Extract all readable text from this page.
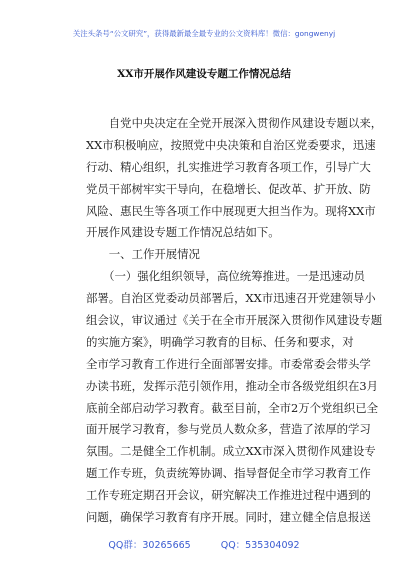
关注头条号“公文研究”，获得最新最全最专业的公文资料库！微信：gongwenyj
XX市开展作风建设专题工作情况总结
　　自党中央决定在全党开展深入贯彻作风建设专题以来，
XX市积极响应，按照党中央决策和自治区党委要求，迅速
行动、精心组织，扎实推进学习教育各项工作，引导广大
党员干部树牢实干导向，在稳增长、促改革、扩开放、防
风险、惠民生等各项工作中展现更大担当作为。现将XX市
开展作风建设专题工作情况总结如下。
　　一、工作开展情况
　　（一）强化组织领导，高位统筹推进。一是迅速动员
部署。自治区党委动员部署后，XX市迅速召开党建领导小
组会议，审议通过《关于在全市开展深入贯彻作风建设专题
的实施方案》，明确学习教育的目标、任务和要求，对
全市学习教育工作进行全面部署安排。市委常委会带头学
办读书班，发挥示范引领作用，推动全市各级党组织在3月
底前全部启动学习教育。截至目前，全市2万个党组织已全
面开展学习教育，参与党员人数众多，营造了浓厚的学习
氛围。二是健全工作机制。成立XX市深入贯彻作风建设专
题工作专班，负责统筹协调、指导督促全市学习教育工作
工作专班定期召开会议，研究解决工作推进过程中遇到的
问题，确保学习教育有序开展。同时，建立健全信息报送
QQ群：30265665	QQ：535304092
